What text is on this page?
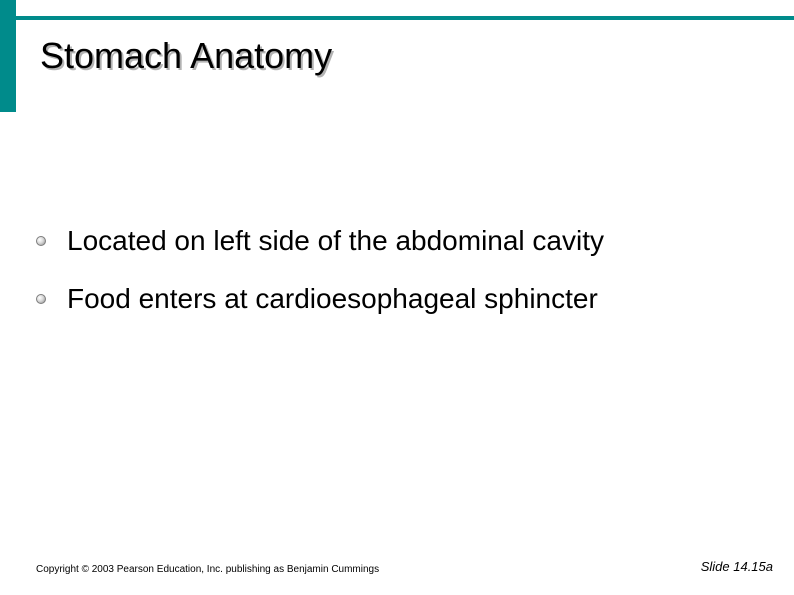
Stomach Anatomy
Located on left side of the abdominal cavity
Food enters at cardioesophageal sphincter
Copyright © 2003 Pearson Education, Inc. publishing as Benjamin Cummings	Slide 14.15a
